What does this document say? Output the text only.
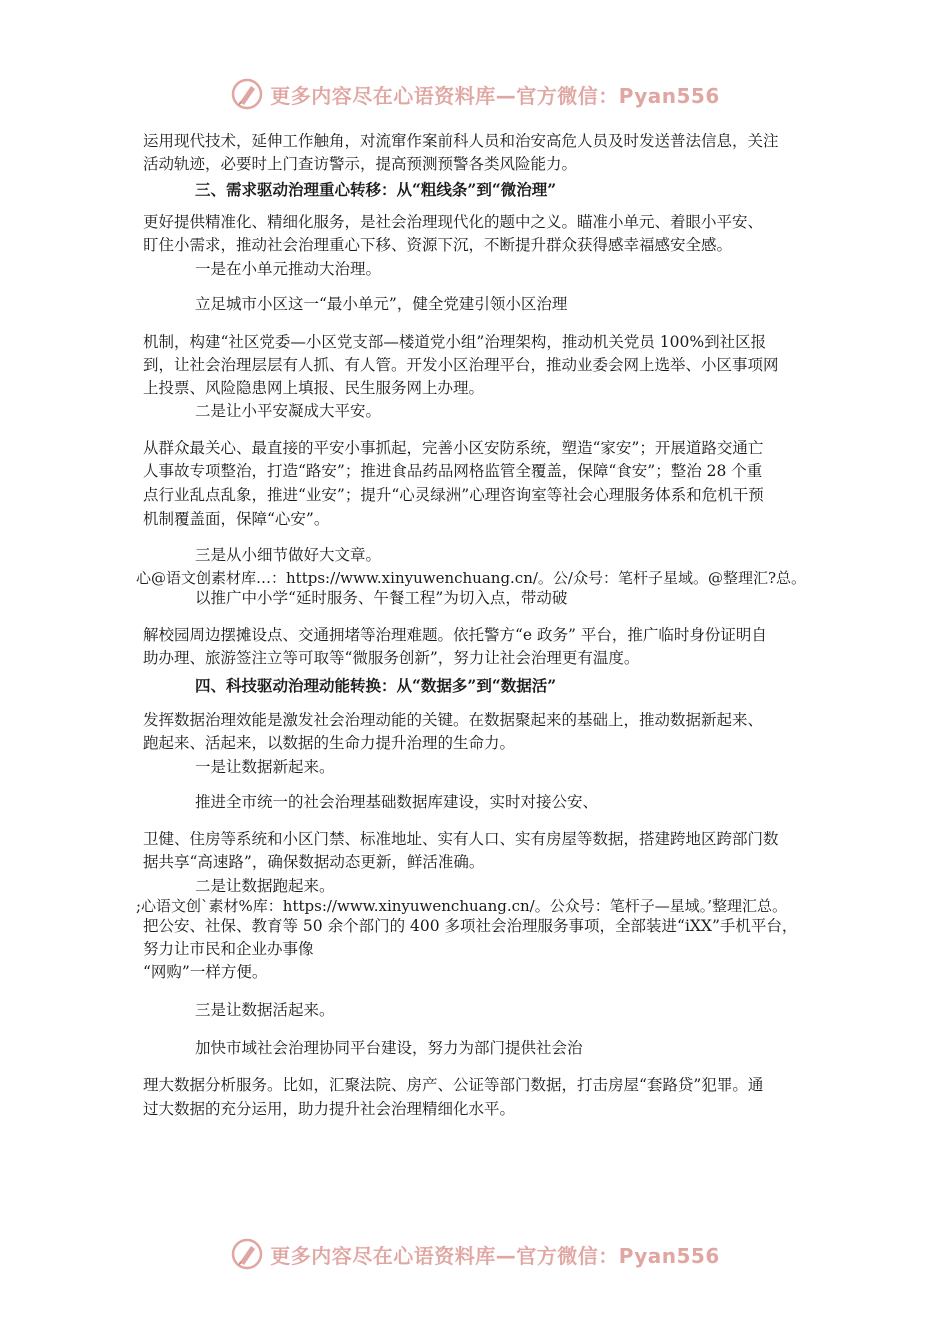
更多内容尽在心语资料库—官方微信：Pyan556
运用现代技术，延伸工作触角，对流窜作案前科人员和治安高危人员及时发送普法信息，关注
活动轨迹，必要时上门查访警示，提高预测预警各类风险能力。
三、需求驱动治理重心转移：从“粗线条”到“微治理”
更好提供精准化、精细化服务，是社会治理现代化的题中之义。瞄准小单元、着眼小平安、
盯住小需求，推动社会治理重心下移、资源下沉，不断提升群众获得感幸福感安全感。
一是在小单元推动大治理。
立足城市小区这一“最小单元”，健全党建引领小区治理
机制，构建“社区党委—小区党支部—楼道党小组”治理架构，推动机关党员 100%到社区报
到，让社会治理层层有人抓、有人管。开发小区治理平台，推动业委会网上选举、小区事项网
上投票、风险隐患网上填报、民生服务网上办理。
二是让小平安凝成大平安。
从群众最关心、最直接的平安小事抓起，完善小区安防系统，塑造“家安”；开展道路交通亡
人事故专项整治，打造“路安”；推进食品药品网格监管全覆盖，保障“食安”；整治 28 个重
点行业乱点乱象，推进“业安”；提升“心灵绿洲”心理咨询室等社会心理服务体系和危机干预
机制覆盖面，保障“心安”。
三是从小细节做好大文章。
心@语文创素材库…：https://www.xinyuwenchuang.cn/。公/众号：笔杆子星域。@整理汇?总。
以推广中小学“延时服务、午餐工程”为切入点，带动破
解校园周边摆摊设点、交通拥堵等治理难题。依托警方“e 政务” 平台，推广临时身份证明自
助办理、旅游签注立等可取等“微服务创新”，努力让社会治理更有温度。
四、科技驱动治理动能转换：从“数据多”到“数据活”
发挥数据治理效能是激发社会治理动能的关键。在数据聚起来的基础上，推动数据新起来、
跑起来、活起来，以数据的生命力提升治理的生命力。
一是让数据新起来。
推进全市统一的社会治理基础数据库建设，实时对接公安、
卫健、住房等系统和小区门禁、标准地址、实有人口、实有房屋等数据，搭建跨地区跨部门数
据共享“高速路”，确保数据动态更新，鲜活准确。
二是让数据跑起来。
;心语文创`素材%库：https://www.xinyuwenchuang.cn/。公众号：笔杆子—星域。’整理汇总。
把公安、社保、教育等 50 余个部门的 400 多项社会治理服务事项，全部装进“iXX”手机平台，
努力让市民和企业办事像
“网购”一样方便。
三是让数据活起来。
加快市域社会治理协同平台建设，努力为部门提供社会治
理大数据分析服务。比如，汇聚法院、房产、公证等部门数据，打击房屋“套路贷”犯罪。通
过大数据的充分运用，助力提升社会治理精细化水平。
更多内容尽在心语资料库—官方微信：Pyan556
